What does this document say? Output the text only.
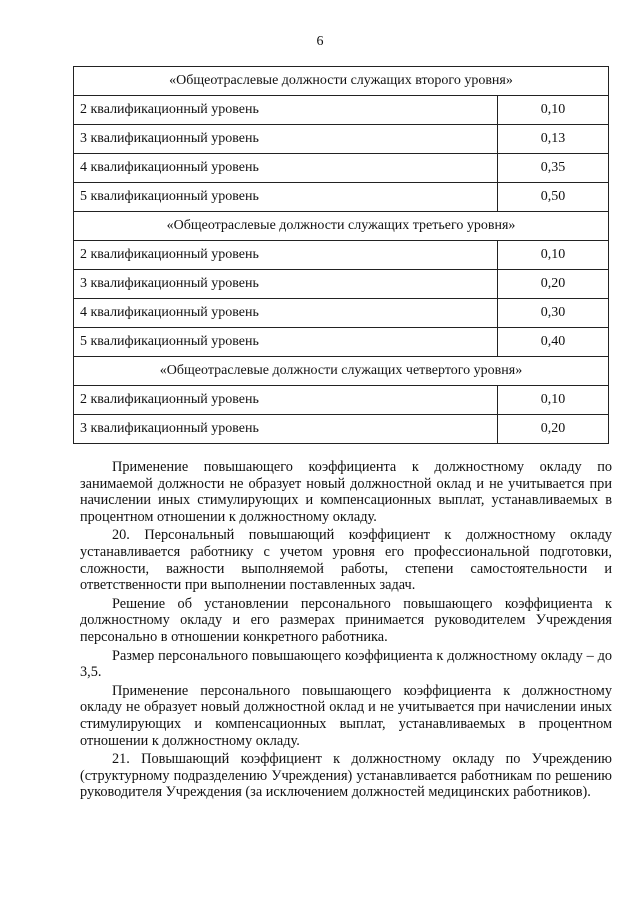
6
«Общеотраслевые должности служащих второго уровня»	
2 квалификационный уровень	0,10
3 квалификационный уровень	0,13
4 квалификационный уровень	0,35
5 квалификационный уровень	0,50
«Общеотраслевые должности служащих третьего уровня»	
2 квалификационный уровень	0,10
3 квалификационный уровень	0,20
4 квалификационный уровень	0,30
5 квалификационный уровень	0,40
«Общеотраслевые должности служащих четвертого уровня»	
2 квалификационный уровень	0,10
3 квалификационный уровень	0,20

Применение повышающего коэффициента к должностному окладу по занимаемой должности не образует новый должностной оклад и не учитывается при начислении иных стимулирующих и компенсационных выплат, устанавливаемых в процентном отношении к должностному окладу.

20. Персональный повышающий коэффициент к должностному окладу устанавливается работнику с учетом уровня его профессиональной подготовки, сложности, важности выполняемой работы, степени самостоятельности и ответственности при выполнении поставленных задач.

Решение об установлении персонального повышающего коэффициента к должностному окладу и его размерах принимается руководителем Учреждения персонально в отношении конкретного работника.

Размер персонального повышающего коэффициента к должностному окладу – до 3,5.

Применение персонального повышающего коэффициента к должностному окладу не образует новый должностной оклад и не учитывается при начислении иных стимулирующих и компенсационных выплат, устанавливаемых в процентном отношении к должностному окладу.

21. Повышающий коэффициент к должностному окладу по Учреждению (структурному подразделению Учреждения) устанавливается работникам по решению руководителя Учреждения (за исключением должностей медицинских работников).
